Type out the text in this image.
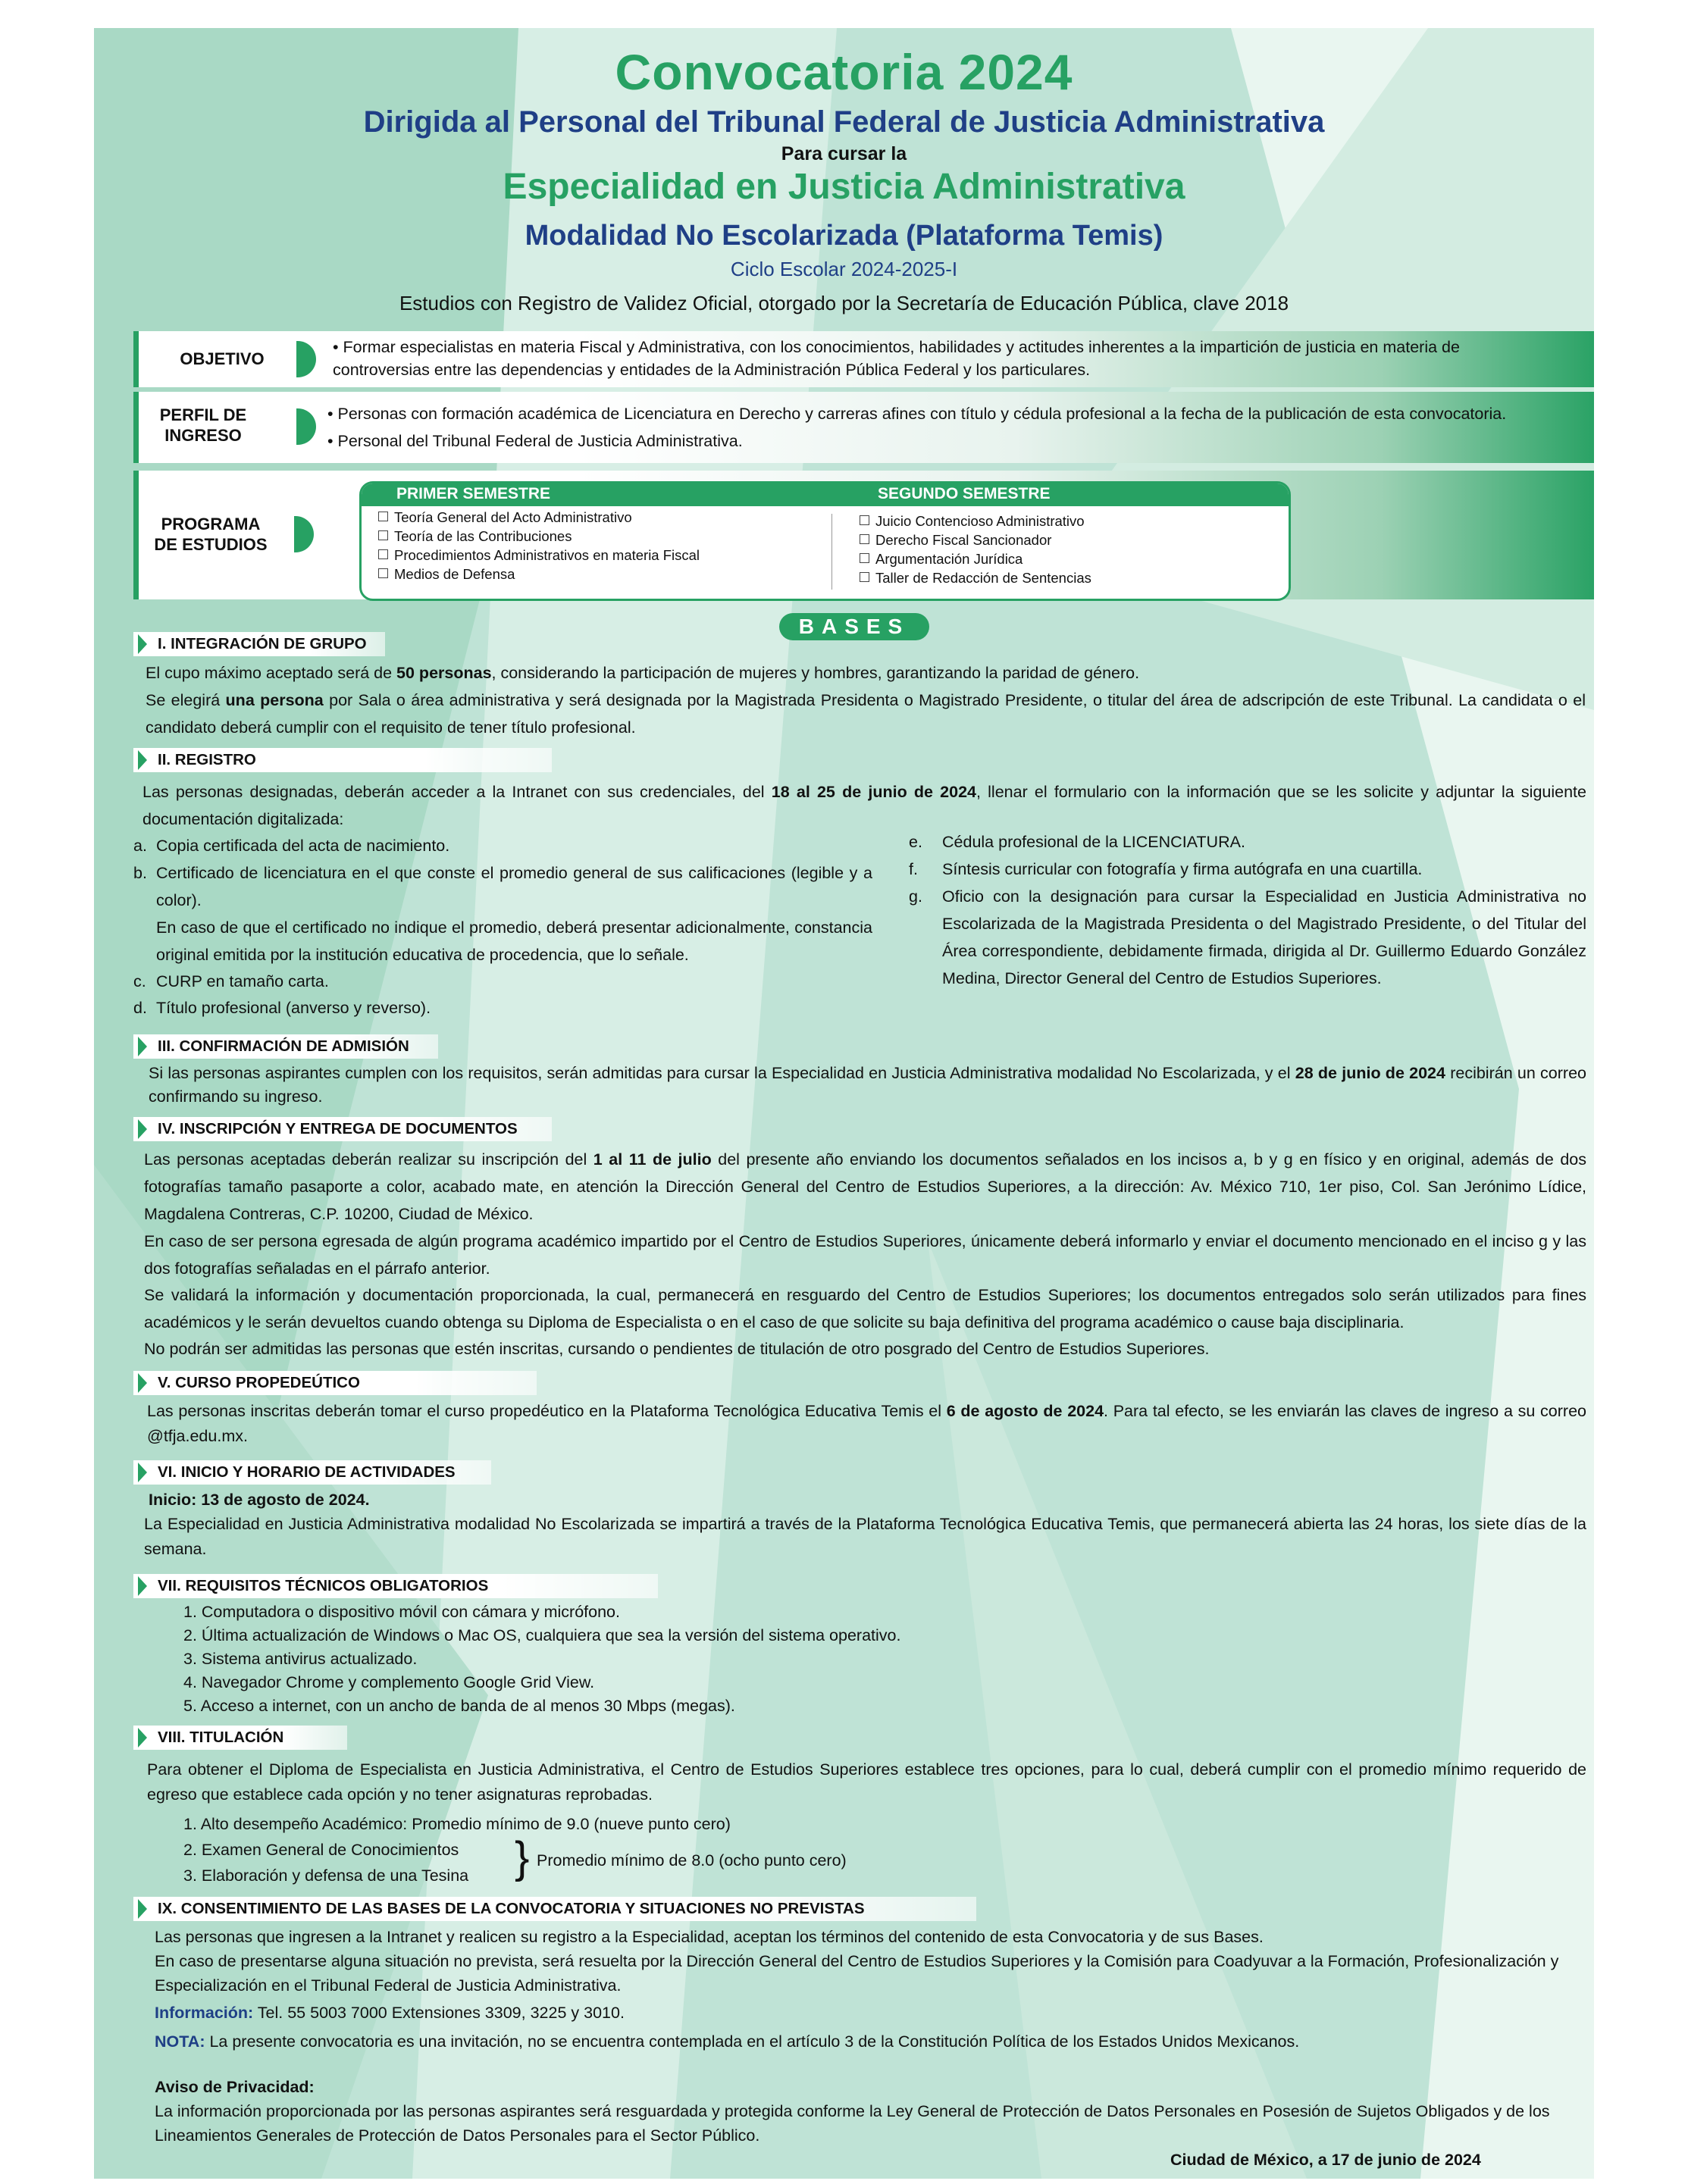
Convocatoria 2024
Dirigida al Personal del Tribunal Federal de Justicia Administrativa
Para cursar la
Especialidad en Justicia Administrativa
Modalidad No Escolarizada (Plataforma Temis)
Ciclo Escolar 2024-2025-I
Estudios con Registro de Validez Oficial, otorgado por la Secretaría de Educación Pública, clave 2018
OBJETIVO
• Formar especialistas en materia Fiscal y Administrativa, con los conocimientos, habilidades y actitudes inherentes a la impartición de justicia en materia de controversias entre las dependencias y entidades de la Administración Pública Federal y los particulares.
PERFIL DE
INGRESO
• Personas con formación académica de Licenciatura en Derecho y carreras afines con título y cédula profesional a la fecha de la publicación de esta convocatoria.
• Personal del Tribunal Federal de Justicia Administrativa.
PROGRAMA
DE ESTUDIOS
PRIMER SEMESTRE	SEGUNDO SEMESTRE
Teoría General del Acto Administrativo
Teoría de las Contribuciones
Procedimientos Administrativos en materia Fiscal
Medios de Defensa
Juicio Contencioso Administrativo
Derecho Fiscal Sancionador
Argumentación Jurídica
Taller de Redacción de Sentencias
BASES
I. INTEGRACIÓN DE GRUPO
El cupo máximo aceptado será de 50 personas, considerando la participación de mujeres y hombres, garantizando la paridad de género.
Se elegirá una persona por Sala o área administrativa y será designada por la Magistrada Presidenta o Magistrado Presidente, o titular del área de adscripción de este Tribunal. La candidata o el candidato deberá cumplir con el requisito de tener título profesional.
II. REGISTRO
Las personas designadas, deberán acceder a la Intranet con sus credenciales, del 18 al 25 de junio de 2024, llenar el formulario con la información que se les solicite y adjuntar la siguiente documentación digitalizada:
a. Copia certificada del acta de nacimiento.
b. Certificado de licenciatura en el que conste el promedio general de sus calificaciones (legible y a color).
En caso de que el certificado no indique el promedio, deberá presentar adicionalmente, constancia original emitida por la institución educativa de procedencia, que lo señale.
c. CURP en tamaño carta.
d. Título profesional (anverso y reverso).
e. Cédula profesional de la LICENCIATURA.
f. Síntesis curricular con fotografía y firma autógrafa en una cuartilla.
g. Oficio con la designación para cursar la Especialidad en Justicia Administrativa no Escolarizada de la Magistrada Presidenta o del Magistrado Presidente, o del Titular del Área correspondiente, debidamente firmada, dirigida al Dr. Guillermo Eduardo González Medina, Director General del Centro de Estudios Superiores.
III. CONFIRMACIÓN DE ADMISIÓN
Si las personas aspirantes cumplen con los requisitos, serán admitidas para cursar la Especialidad en Justicia Administrativa modalidad No Escolarizada, y el 28 de junio de 2024 recibirán un correo confirmando su ingreso.
IV. INSCRIPCIÓN Y ENTREGA DE DOCUMENTOS
Las personas aceptadas deberán realizar su inscripción del 1 al 11 de julio del presente año enviando los documentos señalados en los incisos a, b y g en físico y en original, además de dos fotografías tamaño pasaporte a color, acabado mate, en atención la Dirección General del Centro de Estudios Superiores, a la dirección: Av. México 710, 1er piso, Col. San Jerónimo Lídice, Magdalena Contreras, C.P. 10200, Ciudad de México.
En caso de ser persona egresada de algún programa académico impartido por el Centro de Estudios Superiores, únicamente deberá informarlo y enviar el documento mencionado en el inciso g y las dos fotografías señaladas en el párrafo anterior.
Se validará la información y documentación proporcionada, la cual, permanecerá en resguardo del Centro de Estudios Superiores; los documentos entregados solo serán utilizados para fines académicos y le serán devueltos cuando obtenga su Diploma de Especialista o en el caso de que solicite su baja definitiva del programa académico o cause baja disciplinaria.
No podrán ser admitidas las personas que estén inscritas, cursando o pendientes de titulación de otro posgrado del Centro de Estudios Superiores.
V. CURSO PROPEDEÚTICO
Las personas inscritas deberán tomar el curso propedéutico en la Plataforma Tecnológica Educativa Temis el 6 de agosto de 2024. Para tal efecto, se les enviarán las claves de ingreso a su correo @tfja.edu.mx.
VI. INICIO Y HORARIO DE ACTIVIDADES
Inicio: 13 de agosto de 2024.
La Especialidad en Justicia Administrativa modalidad No Escolarizada se impartirá a través de la Plataforma Tecnológica Educativa Temis, que permanecerá abierta las 24 horas, los siete días de la semana.
VII. REQUISITOS TÉCNICOS OBLIGATORIOS
1. Computadora o dispositivo móvil con cámara y micrófono.
2. Última actualización de Windows o Mac OS, cualquiera que sea la versión del sistema operativo.
3. Sistema antivirus actualizado.
4. Navegador Chrome y complemento Google Grid View.
5. Acceso a internet, con un ancho de banda de al menos 30 Mbps (megas).
VIII. TITULACIÓN
Para obtener el Diploma de Especialista en Justicia Administrativa, el Centro de Estudios Superiores establece tres opciones, para lo cual, deberá cumplir con el promedio mínimo requerido de egreso que establece cada opción y no tener asignaturas reprobadas.
1. Alto desempeño Académico: Promedio mínimo de 9.0 (nueve punto cero)
2. Examen General de Conocimientos
3. Elaboración y defensa de una Tesina } Promedio mínimo de 8.0 (ocho punto cero)
IX. CONSENTIMIENTO DE LAS BASES DE LA CONVOCATORIA Y SITUACIONES NO PREVISTAS
Las personas que ingresen a la Intranet y realicen su registro a la Especialidad, aceptan los términos del contenido de esta Convocatoria y de sus Bases.
En caso de presentarse alguna situación no prevista, será resuelta por la Dirección General del Centro de Estudios Superiores y la Comisión para Coadyuvar a la Formación, Profesionalización y Especialización en el Tribunal Federal de Justicia Administrativa.
Información: Tel. 55 5003 7000 Extensiones 3309, 3225 y 3010.
NOTA: La presente convocatoria es una invitación, no se encuentra contemplada en el artículo 3 de la Constitución Política de los Estados Unidos Mexicanos.
Aviso de Privacidad:
La información proporcionada por las personas aspirantes será resguardada y protegida conforme la Ley General de Protección de Datos Personales en Posesión de Sujetos Obligados y de los Lineamientos Generales de Protección de Datos Personales para el Sector Público.
Ciudad de México, a 17 de junio de 2024
